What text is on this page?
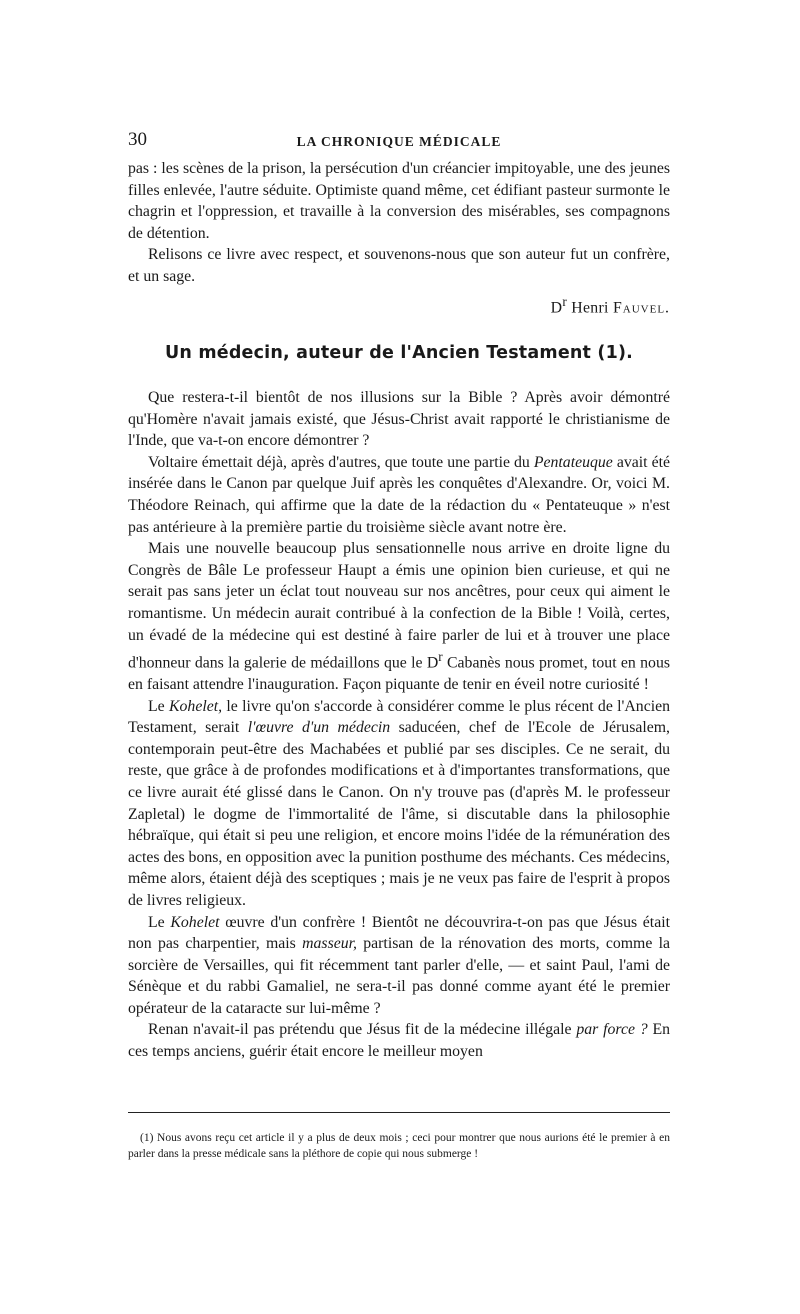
30	LA CHRONIQUE MÉDICALE

pas : les scènes de la prison, la persécution d'un créancier impitoyable, une des jeunes filles enlevée, l'autre séduite. Optimiste quand même, cet édifiant pasteur surmonte le chagrin et l'oppression, et travaille à la conversion des misérables, ses compagnons de détention.

Relisons ce livre avec respect, et souvenons-nous que son auteur fut un confrère, et un sage.

$D^r$ Henri Fauvel.
Un médecin, auteur de l'Ancien Testament (1).

Que restera-t-il bientôt de nos illusions sur la Bible ? Après avoir démontré qu'Homère n'avait jamais existé, que Jésus-Christ avait rapporté le christianisme de l'Inde, que va-t-on encore démontrer ?

Voltaire émettait déjà, après d'autres, que toute une partie du Pentateuque avait été insérée dans le Canon par quelque Juif après les conquêtes d'Alexandre. Or, voici M. Théodore Reinach, qui affirme que la date de la rédaction du « Pentateuque » n'est pas antérieure à la première partie du troisième siècle avant notre ère.

Mais une nouvelle beaucoup plus sensationnelle nous arrive en droite ligne du Congrès de Bâle Le professeur Haupt a émis une opinion bien curieuse, et qui ne serait pas sans jeter un éclat tout nouveau sur nos ancêtres, pour ceux qui aiment le romantisme. Un médecin aurait contribué à la confection de la Bible ! Voilà, certes, un évadé de la médecine qui est destiné à faire parler de lui et à trouver une place d'honneur dans la galerie de médaillons que le $D^r$ Cabanès nous promet, tout en nous en faisant attendre l'inauguration. Façon piquante de tenir en éveil notre curiosité !

Le Kohelet, le livre qu'on s'accorde à considérer comme le plus récent de l'Ancien Testament, serait l'œuvre d'un médecin saducéen, chef de l'Ecole de Jérusalem, contemporain peut-être des Machabées et publié par ses disciples. Ce ne serait, du reste, que grâce à de profondes modifications et à d'importantes transformations, que ce livre aurait été glissé dans le Canon. On n'y trouve pas (d'après M. le professeur Zapletal) le dogme de l'immortalité de l'âme, si discutable dans la philosophie hébraïque, qui était si peu une religion, et encore moins l'idée de la rémunération des actes des bons, en opposition avec la punition posthume des méchants. Ces médecins, même alors, étaient déjà des sceptiques ; mais je ne veux pas faire de l'esprit à propos de livres religieux.

Le Kohelet œuvre d'un confrère ! Bientôt ne découvrira-t-on pas que Jésus était non pas charpentier, mais masseur, partisan de la rénovation des morts, comme la sorcière de Versailles, qui fit récemment tant parler d'elle, — et saint Paul, l'ami de Sénèque et du rabbi Gamaliel, ne sera-t-il pas donné comme ayant été le premier opérateur de la cataracte sur lui-même ?

Renan n'avait-il pas prétendu que Jésus fit de la médecine illégale par force ? En ces temps anciens, guérir était encore le meilleur moyen

(1) Nous avons reçu cet article il y a plus de deux mois ; ceci pour montrer que nous aurions été le premier à en parler dans la presse médicale sans la pléthore de copie qui nous submerge !
